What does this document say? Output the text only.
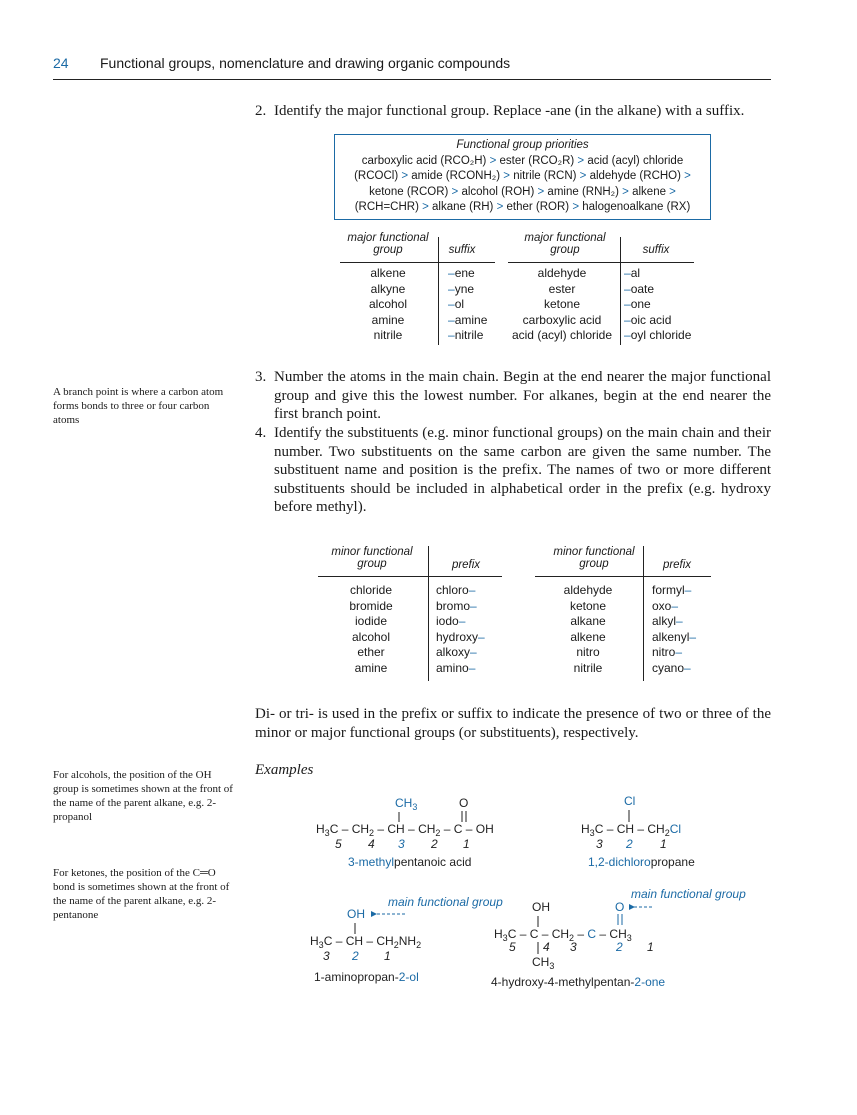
24 Functional groups, nomenclature and drawing organic compounds
2. Identify the major functional group. Replace -ane (in the alkane) with a suffix.
Functional group priorities
carboxylic acid (RCO₂H) > ester (RCO₂R) > acid (acyl) chloride
(RCOCl) > amide (RCONH₂) > nitrile (RCN) > aldehyde (RCHO) >
ketone (RCOR) > alcohol (ROH) > amine (RNH₂) > alkene >
(RCH=CHR) > alkane (RH) > ether (ROR) > halogenoalkane (RX)
major functional group	suffix
alkene	–ene
alkyne	–yne
alcohol	–ol
amine	–amine
nitrile	–nitrile
major functional group	suffix
aldehyde	–al
ester	–oate
ketone	–one
carboxylic acid	–oic acid
acid (acyl) chloride –oyl chloride
A branch point is where a carbon atom forms bonds to three or four carbon atoms
3. Number the atoms in the main chain. Begin at the end nearer the major functional group and give this the lowest number. For alkanes, begin at the end nearer the first branch point.
4. Identify the substituents (e.g. minor functional groups) on the main chain and their number. Two substituents on the same carbon are given the same number. The substituent name and position is the prefix. The names of two or more different substituents should be included in alphabetical order in the prefix (e.g. hydroxy before methyl).
minor functional group	prefix
chloride	chloro–
bromide	bromo–
iodide	iodo–
alcohol	hydroxy–
ether	alkoxy–
amine	amino–
minor functional group	prefix
aldehyde	formyl–
ketone	oxo–
alkane	alkyl–
alkene	alkenyl–
nitro	nitro–
nitrile	cyano–
Di- or tri- is used in the prefix or suffix to indicate the presence of two or three of the minor or major functional groups (or substituents), respectively.
Examples
For alcohols, the position of the OH group is sometimes shown at the front of the name of the parent alkane, e.g. 2-propanol
For ketones, the position of the C═O bond is sometimes shown at the front of the name of the parent alkane, e.g. 2-pentanone
$CH_3$	O
$H_3C - CH_2$ – CH – $CH_2$ – C – OH
5 4 3 2 1
3-methylpentanoic acid
Cl
$H_3C$ – CH – $CH_2Cl$
3 2 1
1,2-dichloropropane
main functional group
OH
$H_3C$ – CH – $CH_2NH_2$
3 2 1
1-aminopropan-2-ol
main functional group
OH	O
$H_3C$ – C – $CH_2$ – C – $CH_3$
5 4 3	2 1
$CH_3$
4-hydroxy-4-methylpentan-2-one
